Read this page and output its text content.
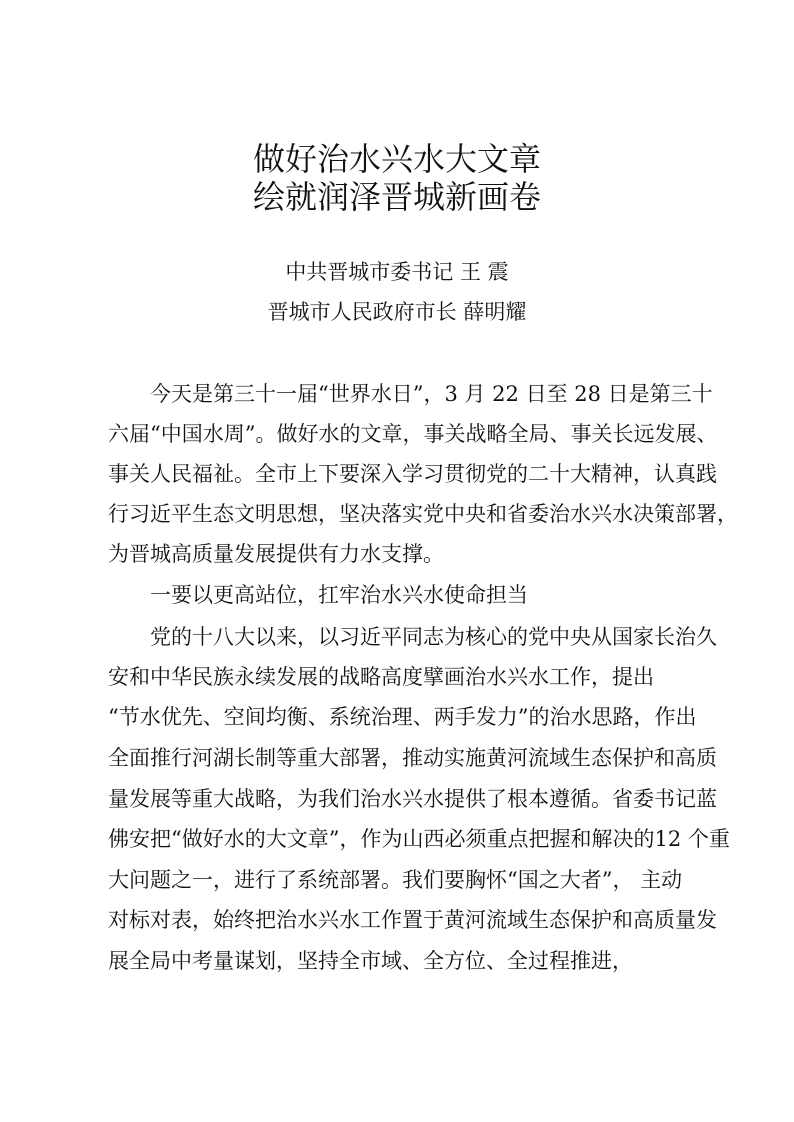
做好治水兴水大文章
绘就润泽晋城新画卷
中共晋城市委书记 王 震
晋城市人民政府市长 薛明耀
今天是第三十一届“世界水日”，3 月 22 日至 28 日是第三十
六届“中国水周”。做好水的文章，事关战略全局、事关长远发展、
事关人民福祉。全市上下要深入学习贯彻党的二十大精神，认真践
行习近平生态文明思想，坚决落实党中央和省委治水兴水决策部署，
为晋城高质量发展提供有力水支撑。
一要以更高站位，扛牢治水兴水使命担当
党的十八大以来，以习近平同志为核心的党中央从国家长治久
安和中华民族永续发展的战略高度擘画治水兴水工作，提出
“节水优先、空间均衡、系统治理、两手发力”的治水思路，作出
全面推行河湖长制等重大部署，推动实施黄河流域生态保护和高质
量发展等重大战略，为我们治水兴水提供了根本遵循。省委书记蓝
佛安把“做好水的大文章”，作为山西必须重点把握和解决的12 个重
大问题之一，进行了系统部署。我们要胸怀“国之大者”， 主动
对标对表，始终把治水兴水工作置于黄河流域生态保护和高质量发
展全局中考量谋划，坚持全市域、全方位、全过程推进，
